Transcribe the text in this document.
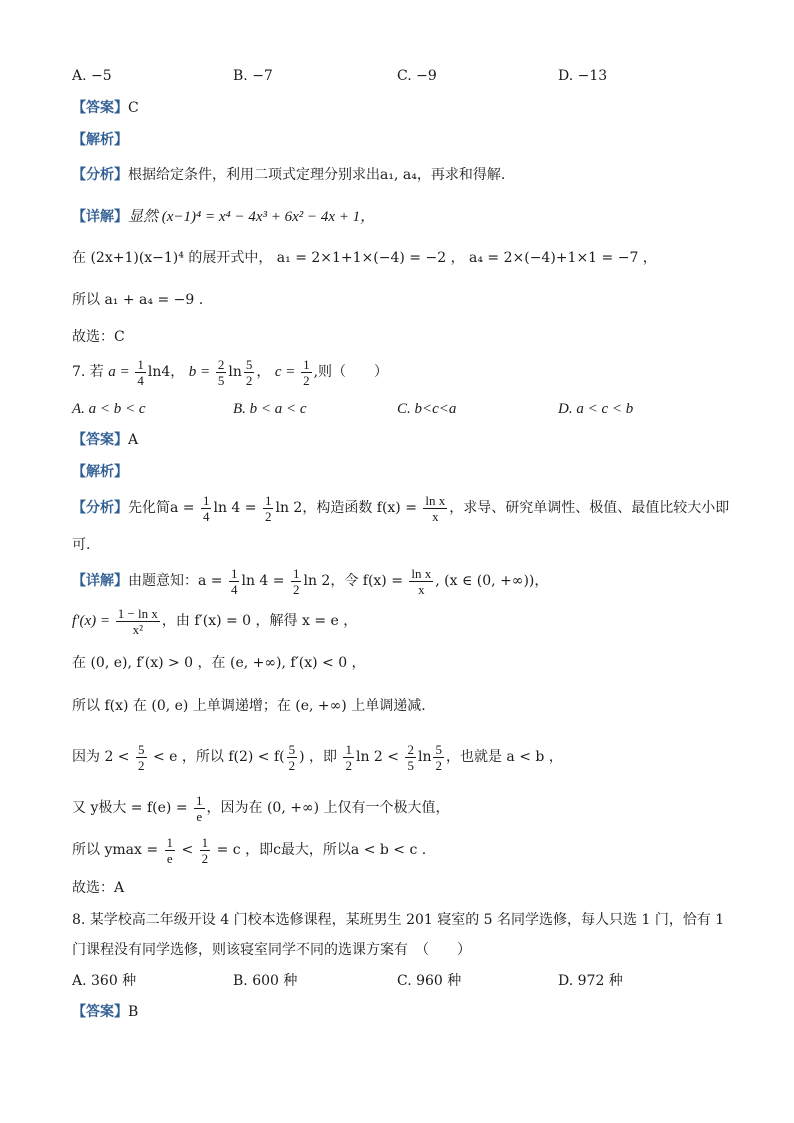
A. −5	B. −7	C. −9	D. −13
【答案】C
【解析】
【分析】根据给定条件，利用二项式定理分别求出a₁, a₄，再求和得解.
【详解】显然 (x−1)⁴ = x⁴ − 4x³ + 6x² − 4x + 1，
在 (2x+1)(x−1)⁴ 的展开式中， a₁ = 2×1+1×(−4) = −2 ， a₄ = 2×(−4)+1×1 = −7 ，
所以 a₁ + a₄ = −9 .
故选：C
7. 若 $a = \frac{1}{4} \ln 4$， $b = \frac{2}{5}$ $\ln \frac{5}{2}$ ， $c = \frac{1}{2}$ ,则（　　）
A. a < b < c	B. b < a < c	C. b<c<a	D. a < c < b
【答案】A
【解析】
【分析】先化简$a = \frac{1}{4}$ $\ln 4 = \frac{1}{2}$ ln 2，构造函数 $f(x) = \frac{\text{ln x}}{x}$ ，求导、研究单调性、极值、最值比较大小即
可.
【详解】由题意知：$a = \frac{1}{4}$ $\ln 4 = \frac{1}{2}$ ln 2，令 $f(x) = \frac{\text{ln x}}{x}$ , (x ∈ (0, +∞))，
$f'(x) = \frac{\text{1 − ln x}}{\text{x²}}$ ，由 f′(x) = 0 ，解得 x = e ，
在 (0, e), f′(x) > 0 ，在 (e, +∞), f′(x) < 0 ，
所以 f(x) 在 (0, e) 上单调递增；在 (e, +∞) 上单调递减.
因为 $2 < \frac{5}{2} < e$ ，所以 $f(2) < f( \frac{5}{2}$ ) ，即 $\frac{1}{2}$ $\ln 2 < \frac{2}{5}$ $\ln \frac{5}{2}$ ，也就是 a < b ，
又 y极大 = $f(e) = \frac{1}{e}$ ，因为在 (0, +∞) 上仅有一个极大值，
所以 $ymax = \frac{1}{e} < \frac{1}{2} = c$ ，即c最大，所以a < b < c .
故选：A
8. 某学校高二年级开设 4 门校本选修课程，某班男生 201 寝室的 5 名同学选修，每人只选 1 门，恰有 1
门课程没有同学选修，则该寝室同学不同的选课方案有　（　　）
A. 360 种	B. 600 种	C. 960 种	D. 972 种
【答案】B
